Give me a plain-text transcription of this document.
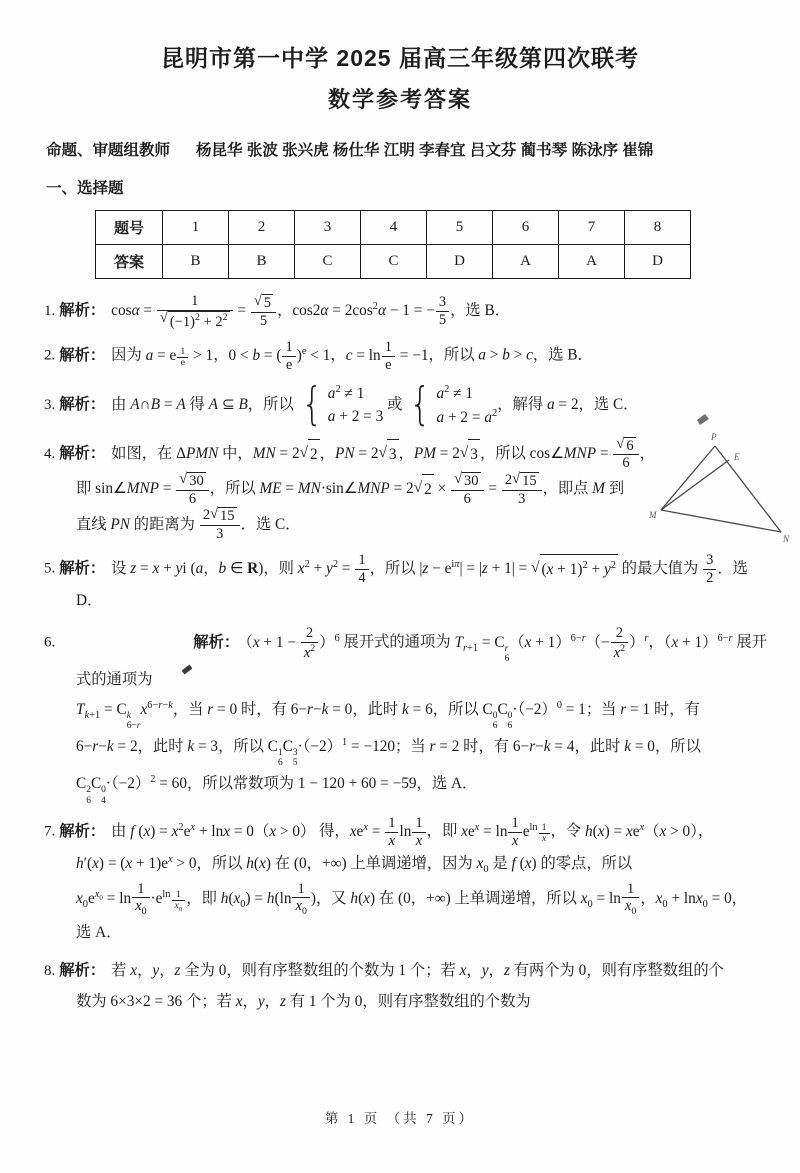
昆明市第一中学 2025 届高三年级第四次联考
数学参考答案

命题、审题组教师 杨昆华 张波 张兴虎 杨仕华 江明 李春宜 吕文芬 蔺书琴 陈泳序 崔锦

一、选择题

题号	1	2	3	4	5	6	7	8
答案	B	B	C	C	D	A	A	D
1. 解析： $\cos\alpha = \frac{1}{√ (-1)^2 + 2^2} = \frac{√ 5}{5}$ ，$\cos 2\alpha = 2\cos^2\alpha - 1$ = − $\frac{3}{5}$ ，选 B．
2. 解析： 因为 a = e $^{\frac{1}{e}}$ > 1，0 < b = ( $\frac{1}{e} )^e < 1$，$c = \ln \frac{1}{e} = -1$，所以 a > b > c，选 B．
3. 解析： 由 A∩B = A 得 A ⊆ B，所以 { $a^2 \ne 1$
a + 2 = 3
或 { $a^2 \ne 1$
$a + 2 = a^2$
，解得 a = 2，选 C．
4. 解析： 如图，在 ΔPMN 中，MN = 2 √ 2 ，PN = 2 √ 3 ，PM = 2 √ 3 ，所以 cos∠MNP = $\frac{√ 6}{6}$ ，
即 sin∠MNP = $\frac{√ 30}{6}$ ，所以 ME = MN·sin∠MNP = 2 √ $2 \times \frac{√ 30}{6} = \frac{2 √ 15}{3}$ ，即点 M 到
直线 PN 的距离为 $\frac{2 √ 15}{3}$ ．选 C．
5. 解析： 设 z = x + yi (a，b ∈ R)，则 $x^2 + y^2 = \frac{1}{4}$ ，所以 $|z - e^{i\pi}| = |z + 1|$ = √ $(x + 1)^2 + y^2$ 的最大值为 $\frac{3}{2}$ ．选 D．
6.	解析： $(x + 1 - \frac{2}{x^2} )^6$ 展开式的通项为 $T_{r+1} = C$ r
6
$(x + 1)^{6-r}(- \frac{2}{x^2} )^r$，$(x + 1)^{6-r}$ 展开式的通项为
$T_{k+1} = C$ k
6−r
$x^{6-r-k}$，当 r = 0 时，有 6−r−k = 0，此时 k = 6，所以 C 0
6
C 0
6
$\cdot(-2)^0 = 1$；当 r = 1 时，有
6−r−k = 2，此时 k = 3，所以 C 1
6
C 3
5
$\cdot(-2)^1 = -120$；当 r = 2 时，有 6−r−k = 4，此时 k = 0，所以
C 2
6
C 0
4
$\cdot(-2)^2 = 60$，所以常数项为 1 − 120 + 60 = −59，选 A．
7. 解析： 由 f $(x) = x^2e^x + \ln x = 0(x > 0)$ 得，$xe^x = \frac{1}{x}$ $\ln \frac{1}{x}$ ，即 $xe^x = \ln \frac{1}{x} e^{ln \frac{1}{x}}$ ，令 $h(x) = xe^x(x > 0)$，
$h'(x) = (x + 1)e^x > 0$，所以 h(x) 在 (0，+∞) 上单调递增，因为 $x_0$ 是 f (x) 的零点，所以
$x_0e^{x_0} = \ln \frac{1}{x_0} \cdot e^{ln \frac{1}{x_0}}$ ，即 $h(x_0) = h(\ln \frac{1}{x_0}$ )，又 h(x) 在 (0，+∞) 上单调递增，所以 $x_0 = \ln \frac{1}{x_0}$ ，$x_0 + \ln x_0 = 0$，
选 A．
8. 解析： 若 x，y，z 全为 0，则有序整数组的个数为 1 个；若 x，y，z 有两个为 0，则有序整数组的个
数为 6×3×2 = 36 个；若 x，y，z 有 1 个为 0，则有序整数组的个数为
P
E
M
N
第 1 页 （共 7 页）
